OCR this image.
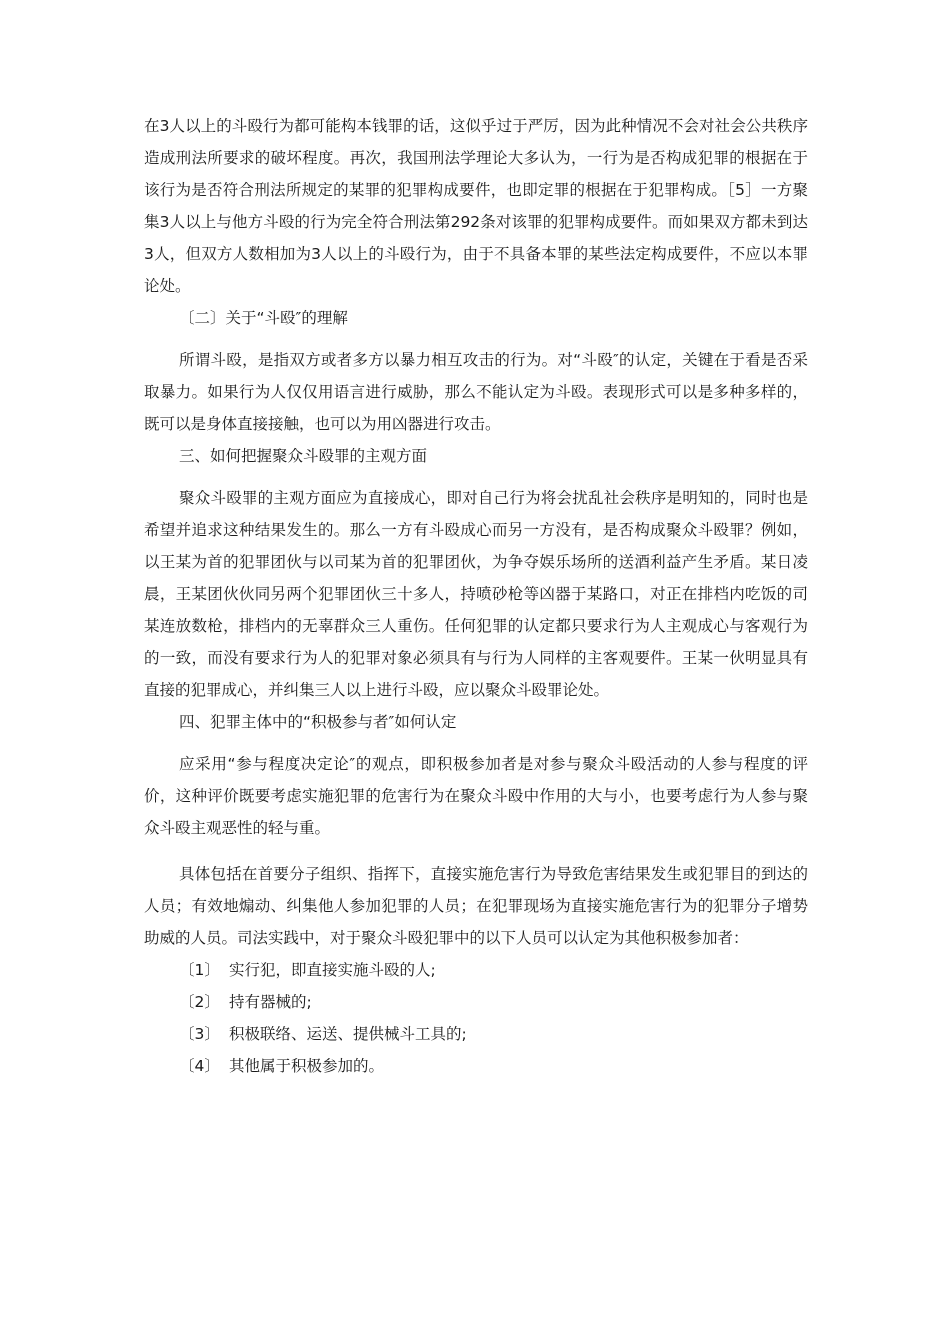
在3人以上的斗殴行为都可能构本钱罪的话，这似乎过于严厉，因为此种情况不会对社会公共秩序造成刑法所要求的破坏程度。再次，我国刑法学理论大多认为，一行为是否构成犯罪的根据在于该行为是否符合刑法所规定的某罪的犯罪构成要件，也即定罪的根据在于犯罪构成。［5］一方聚集3人以上与他方斗殴的行为完全符合刑法第292条对该罪的犯罪构成要件。而如果双方都未到达3人，但双方人数相加为3人以上的斗殴行为，由于不具备本罪的某些法定构成要件，不应以本罪论处。

〔二〕关于“斗殴″的理解

所谓斗殴，是指双方或者多方以暴力相互攻击的行为。对“斗殴″的认定，关键在于看是否采取暴力。如果行为人仅仅用语言进行威胁，那么不能认定为斗殴。表现形式可以是多种多样的，既可以是身体直接接触，也可以为用凶器进行攻击。

三、如何把握聚众斗殴罪的主观方面

聚众斗殴罪的主观方面应为直接成心，即对自己行为将会扰乱社会秩序是明知的，同时也是希望并追求这种结果发生的。那么一方有斗殴成心而另一方没有，是否构成聚众斗殴罪？例如，以王某为首的犯罪团伙与以司某为首的犯罪团伙，为争夺娱乐场所的送酒利益产生矛盾。某日凌晨，王某团伙伙同另两个犯罪团伙三十多人，持喷砂枪等凶器于某路口，对正在排档内吃饭的司某连放数枪，排档内的无辜群众三人重伤。任何犯罪的认定都只要求行为人主观成心与客观行为的一致，而没有要求行为人的犯罪对象必须具有与行为人同样的主客观要件。王某一伙明显具有直接的犯罪成心，并纠集三人以上进行斗殴，应以聚众斗殴罪论处。

四、犯罪主体中的“积极参与者″如何认定

应采用“参与程度决定论″的观点，即积极参加者是对参与聚众斗殴活动的人参与程度的评价，这种评价既要考虑实施犯罪的危害行为在聚众斗殴中作用的大与小，也要考虑行为人参与聚众斗殴主观恶性的轻与重。

具体包括在首要分子组织、指挥下，直接实施危害行为导致危害结果发生或犯罪目的到达的人员；有效地煽动、纠集他人参加犯罪的人员；在犯罪现场为直接实施危害行为的犯罪分子增势助威的人员。司法实践中，对于聚众斗殴犯罪中的以下人员可以认定为其他积极参加者：

〔1〕 实行犯，即直接实施斗殴的人;

〔2〕 持有器械的;

〔3〕 积极联络、运送、提供械斗工具的;

〔4〕 其他属于积极参加的。
